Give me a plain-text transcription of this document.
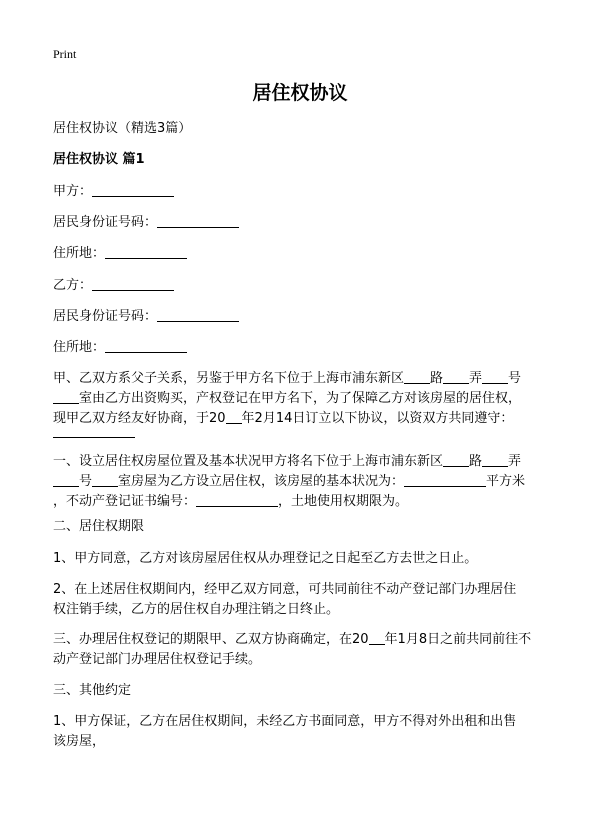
Print
居住权协议
居住权协议（精选3篇）
居住权协议 篇1
甲方：
居民身份证号码：
住所地：
乙方：
居民身份证号码：
住所地：
甲、乙双方系父子关系，另鉴于甲方名下位于上海市浦东新区 路 弄 号
室由乙方出资购买，产权登记在甲方名下，为了保障乙方对该房屋的居住权，
现甲乙双方经友好协商，于20 年2月14日订立以下协议，以资双方共同遵守：
一、设立居住权房屋位置及基本状况甲方将名下位于上海市浦东新区 路 弄
号 室房屋为乙方设立居住权，该房屋的基本状况为：	平方米
，不动产登记证书编号：	，土地使用权期限为。
二、居住权期限
1、甲方同意，乙方对该房屋居住权从办理登记之日起至乙方去世之日止。
2、在上述居住权期间内，经甲乙双方同意，可共同前往不动产登记部门办理居住
权注销手续，乙方的居住权自办理注销之日终止。
三、办理居住权登记的期限甲、乙双方协商确定，在20 年1月8日之前共同前往不
动产登记部门办理居住权登记手续。
三、其他约定
1、甲方保证，乙方在居住权期间，未经乙方书面同意，甲方不得对外出租和出售
该房屋，
